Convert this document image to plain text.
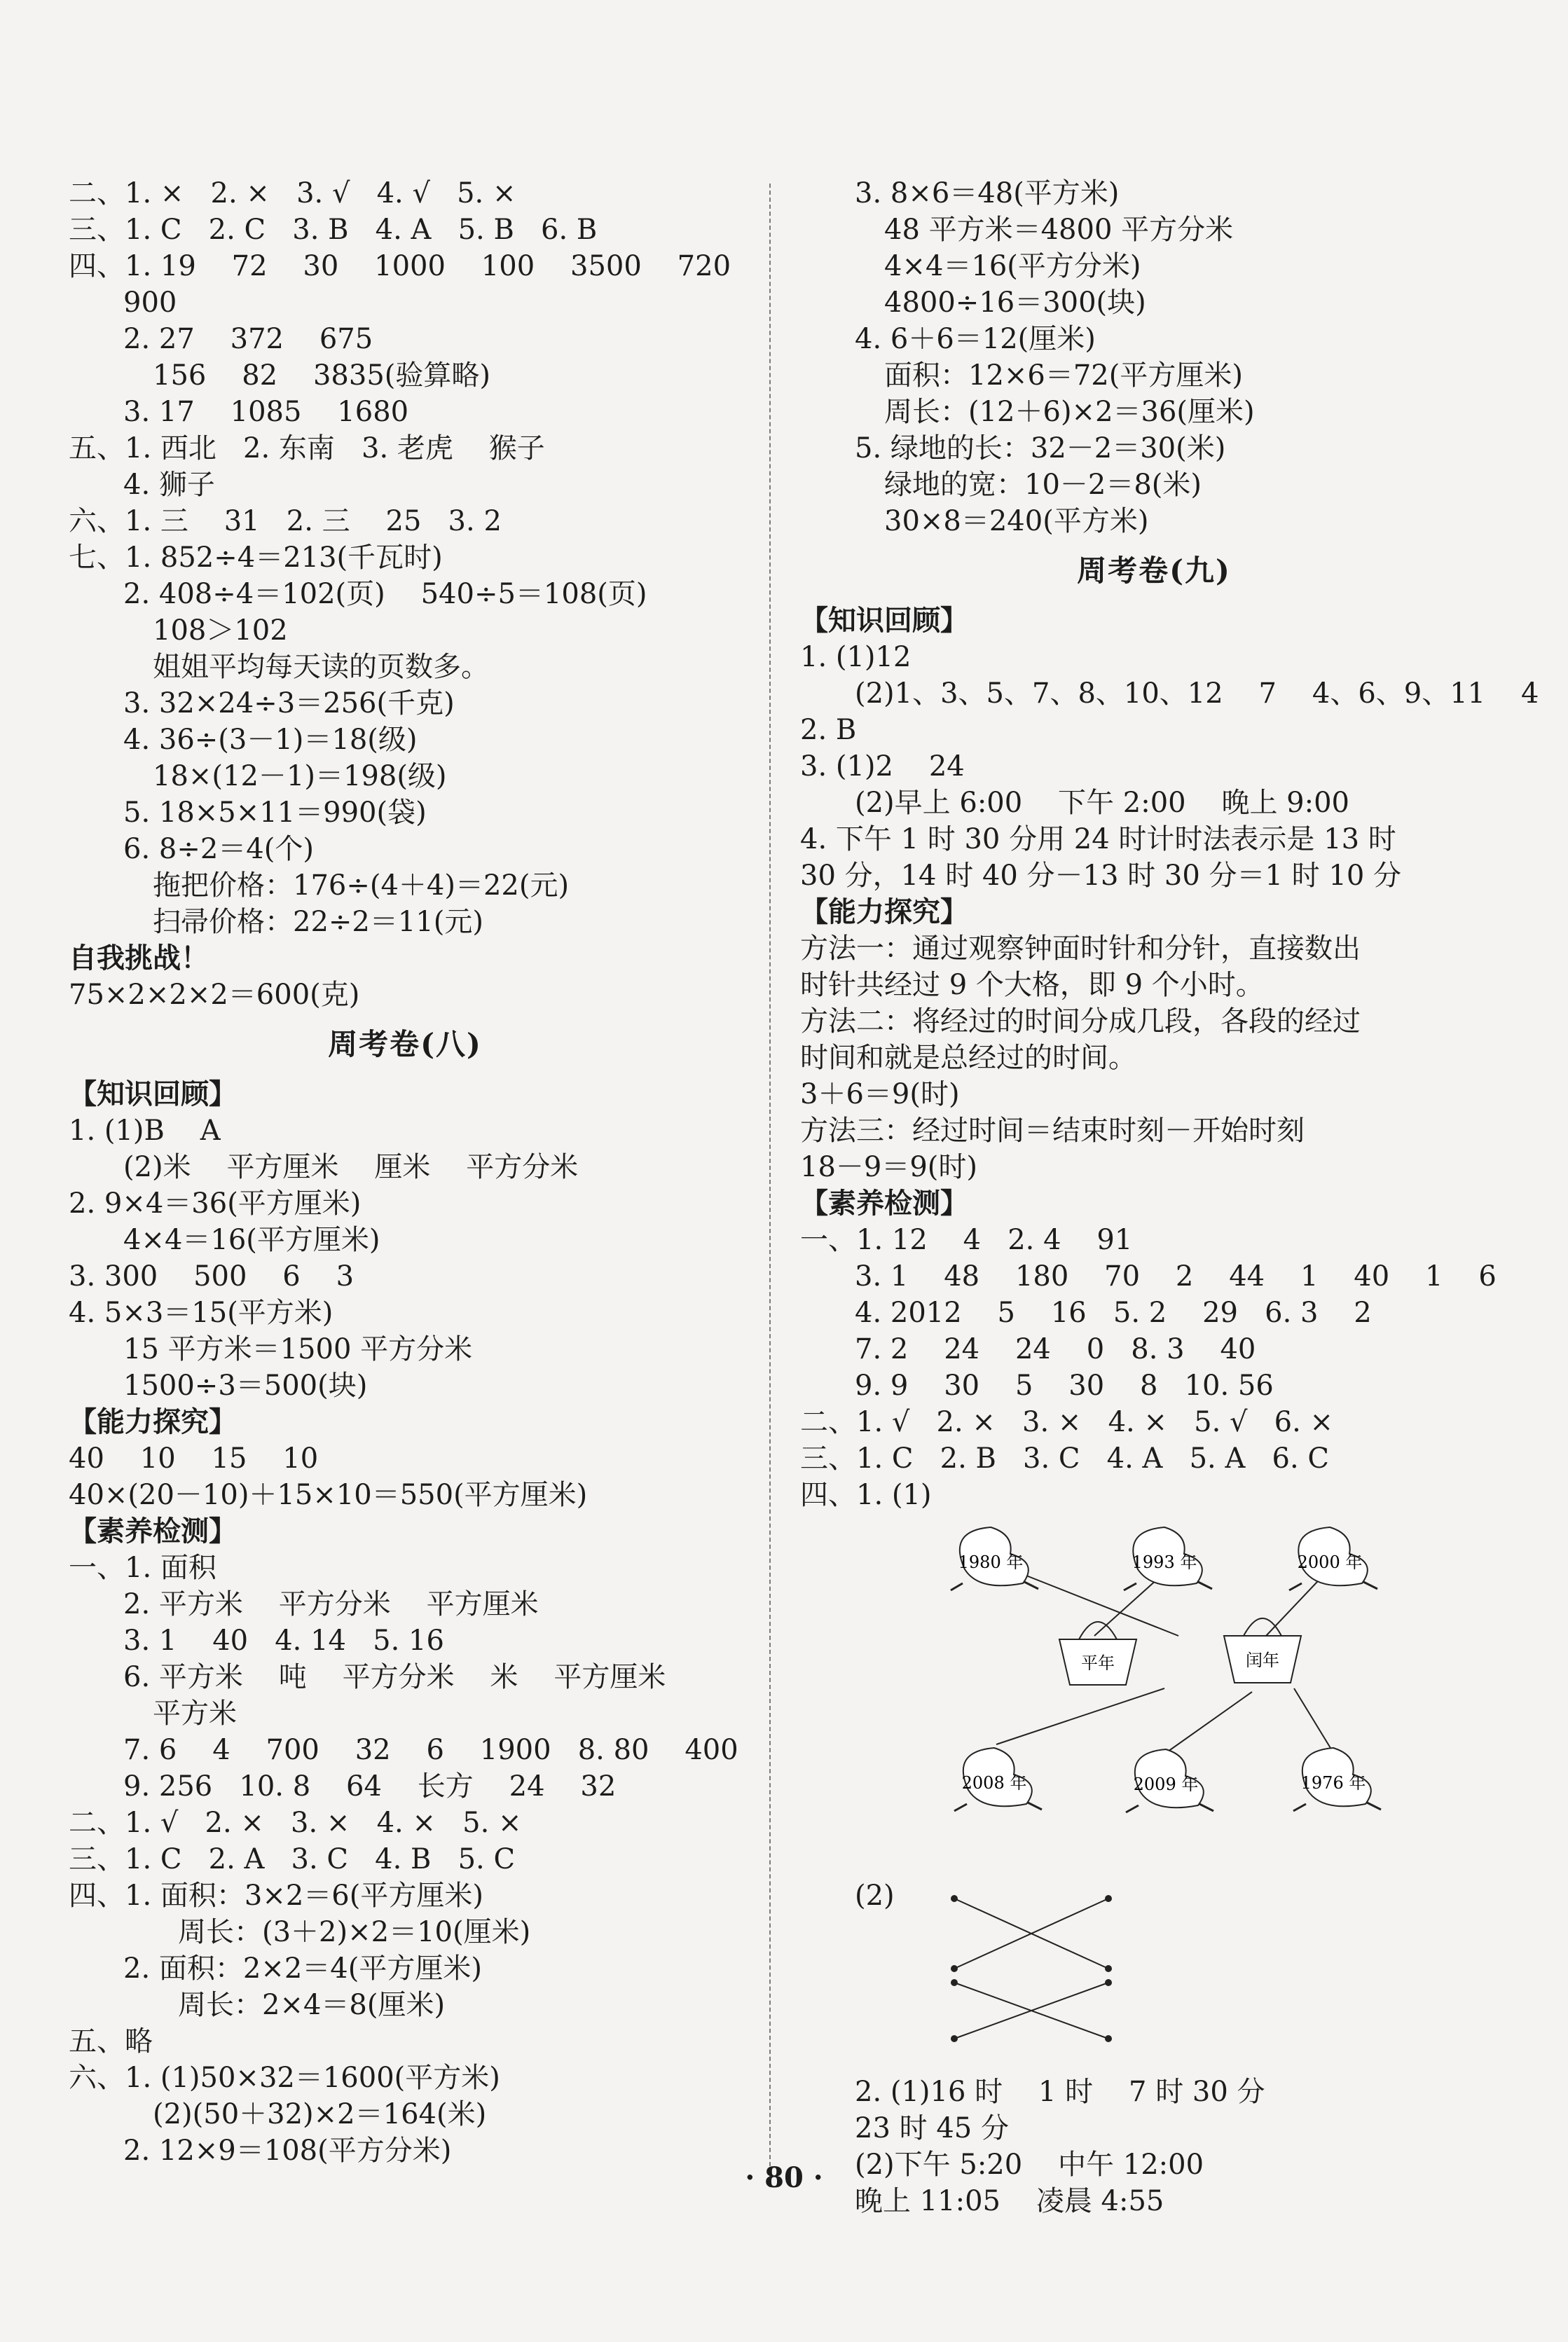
二、1. ×   2. ×   3. √   4. √   5. ×
三、1. C   2. C   3. B   4. A   5. B   6. B
四、1. 19    72    30    1000    100    3500    720
900
2. 27    372    675
156    82    3835(验算略)
3. 17    1085    1680
五、1. 西北   2. 东南   3. 老虎    猴子
4. 狮子
六、1. 三    31   2. 三    25   3. 2
七、1. 852÷4＝213(千瓦时)
2. 408÷4＝102(页)    540÷5＝108(页)
108＞102
姐姐平均每天读的页数多。
3. 32×24÷3＝256(千克)
4. 36÷(3－1)＝18(级)
18×(12－1)＝198(级)
5. 18×5×11＝990(袋)
6. 8÷2＝4(个)
拖把价格：176÷(4＋4)＝22(元)
扫帚价格：22÷2＝11(元)
自我挑战！
75×2×2×2＝600(克)
周考卷(八)
【知识回顾】
1. (1)B    A
(2)米    平方厘米    厘米    平方分米
2. 9×4＝36(平方厘米)
4×4＝16(平方厘米)
3. 300    500    6    3
4. 5×3＝15(平方米)
15 平方米＝1500 平方分米
1500÷3＝500(块)
【能力探究】
40    10    15    10
40×(20－10)＋15×10＝550(平方厘米)
【素养检测】
一、1. 面积
2. 平方米    平方分米    平方厘米
3. 1    40   4. 14   5. 16
6. 平方米    吨    平方分米    米    平方厘米
平方米
7. 6    4    700    32    6    1900   8. 80    400
9. 256   10. 8    64    长方    24    32
二、1. √   2. ×   3. ×   4. ×   5. ×
三、1. C   2. A   3. C   4. B   5. C
四、1. 面积：3×2＝6(平方厘米)
周长：(3＋2)×2＝10(厘米)
2. 面积：2×2＝4(平方厘米)
周长：2×4＝8(厘米)
五、略
六、1. (1)50×32＝1600(平方米)
(2)(50＋32)×2＝164(米)
2. 12×9＝108(平方分米)
3. 8×6＝48(平方米)
48 平方米＝4800 平方分米
4×4＝16(平方分米)
4800÷16＝300(块)
4. 6＋6＝12(厘米)
面积：12×6＝72(平方厘米)
周长：(12＋6)×2＝36(厘米)
5. 绿地的长：32－2＝30(米)
绿地的宽：10－2＝8(米)
30×8＝240(平方米)
周考卷(九)
【知识回顾】
1. (1)12
(2)1、3、5、7、8、10、12    7    4、6、9、11    4
2. B
3. (1)2    24
(2)早上 6:00    下午 2:00    晚上 9:00
4. 下午 1 时 30 分用 24 时计时法表示是 13 时
30 分，14 时 40 分－13 时 30 分＝1 时 10 分
【能力探究】
方法一：通过观察钟面时针和分针，直接数出
时针共经过 9 个大格，即 9 个小时。
方法二：将经过的时间分成几段，各段的经过
时间和就是总经过的时间。
3＋6＝9(时)
方法三：经过时间＝结束时刻－开始时刻
18－9＝9(时)
【素养检测】
一、1. 12    4   2. 4    91
3. 1    48    180    70    2    44    1    40    1    6
4. 2012    5    16   5. 2    29   6. 3    2
7. 2    24    24    0   8. 3    40
9. 9    30    5    30    8   10. 56
二、1. √   2. ×   3. ×   4. ×   5. √   6. ×
三、1. C   2. B   3. C   4. A   5. A   6. C
四、1. (1)
1980 年	1993 年	2000 年
平年	闰年
2008 年	2009 年	1976 年
(2)
2. (1)16 时    1 时    7 时 30 分
23 时 45 分
(2)下午 5:20    中午 12:00
晚上 11:05    凌晨 4:55
· 80 ·
